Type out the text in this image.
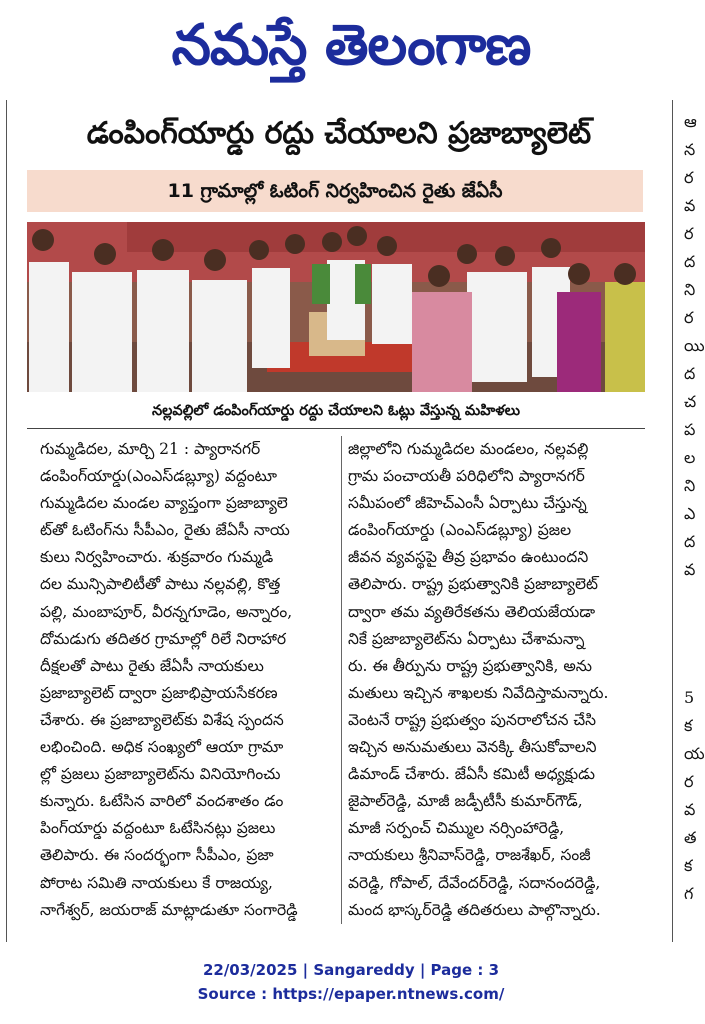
నమస్తే తెలంగాణ
డంపింగ్‌యార్డు రద్దు చేయాలని ప్రజాబ్యాలెట్
11 గ్రామాల్లో ఓటింగ్ నిర్వహించిన రైతు జేఏసీ
నల్లవల్లిలో డంపింగ్‌యార్డు రద్దు చేయాలని ఓట్లు వేస్తున్న మహిళలు

గుమ్మడిదల, మార్చి 21 : ప్యారానగర్

డంపింగ్‌యార్డు(ఎంఎస్‌డబ్ల్యూ) వద్దంటూ

గుమ్మడిదల మండల వ్యాప్తంగా ప్రజాబ్యాలె

ట్‌తో ఓటింగ్‌ను సీపీఎం, రైతు జేఏసీ నాయ

కులు నిర్వహించారు. శుక్రవారం గుమ్మడి

దల మున్సిపాలిటీతో పాటు నల్లవల్లి, కొత్త

పల్లి, మంబాపూర్, వీరన్నగూడెం, అన్నారం,

దోమడుగు తదితర గ్రామాల్లో రిలే నిరాహార

దీక్షలతో పాటు రైతు జేఏసీ నాయకులు

ప్రజాబ్యాలెట్ ద్వారా ప్రజాభిప్రాయసేకరణ

చేశారు. ఈ ప్రజాబ్యాలెట్‌కు విశేష స్పందన

లభించింది. అధిక సంఖ్యలో ఆయా గ్రామా

ల్లో ప్రజలు ప్రజాబ్యాలెట్‌ను వినియోగించు

కున్నారు. ఓటేసిన వారిలో వందశాతం డం

పింగ్‌యార్డు వద్దంటూ ఓటేసినట్లు ప్రజలు

తెలిపారు. ఈ సందర్భంగా సీపీఎం, ప్రజా

పోరాట సమితి నాయకులు కే రాజయ్య,

నాగేశ్వర్, జయరాజ్ మాట్లాడుతూ సంగారెడ్డి

జిల్లాలోని గుమ్మడిదల మండలం, నల్లవల్లి

గ్రామ పంచాయతీ పరిధిలోని ప్యారానగర్

సమీపంలో జీహెచ్‌ఎంసీ ఏర్పాటు చేస్తున్న

డంపింగ్‌యార్డు (ఎంఎస్‌డబ్ల్యూ) ప్రజల

జీవన వ్యవస్థపై తీవ్ర ప్రభావం ఉంటుందని

తెలిపారు. రాష్ట్ర ప్రభుత్వానికి ప్రజాబ్యాలెట్

ద్వారా తమ వ్యతిరేకతను తెలియజేయడా

నికే ప్రజాబ్యాలెట్‌ను ఏర్పాటు చేశామన్నా

రు. ఈ తీర్పును రాష్ట్ర ప్రభుత్వానికి, అను

మతులు ఇచ్చిన శాఖలకు నివేదిస్తామన్నారు.

వెంటనే రాష్ట్ర ప్రభుత్వం పునరాలోచన చేసి

ఇచ్చిన అనుమతులు వెనక్కి తీసుకోవాలని

డిమాండ్ చేశారు. జేఏసీ కమిటీ అధ్యక్షుడు

జైపాల్‌రెడ్డి, మాజీ జడ్పీటీసీ కుమార్‌గౌడ్,

మాజీ సర్పంచ్ చిమ్ముల నర్సింహారెడ్డి,

నాయకులు శ్రీనివాస్‌రెడ్డి, రాజశేఖర్, సంజీ

వరెడ్డి, గోపాల్, దేవేందర్‌రెడ్డి, సదానందరెడ్డి,

మంద భాస్కర్‌రెడ్డి తదితరులు పాల్గొన్నారు.

ఆ

న

ర

వ

ర

ద

ని

ర

యి

ద

చ

ప

ల

ని

ఎ

ద

వ

5

క

య

ర

వ

త

క

గ

22/03/2025 | Sangareddy | Page : 3
Source : https://epaper.ntnews.com/
